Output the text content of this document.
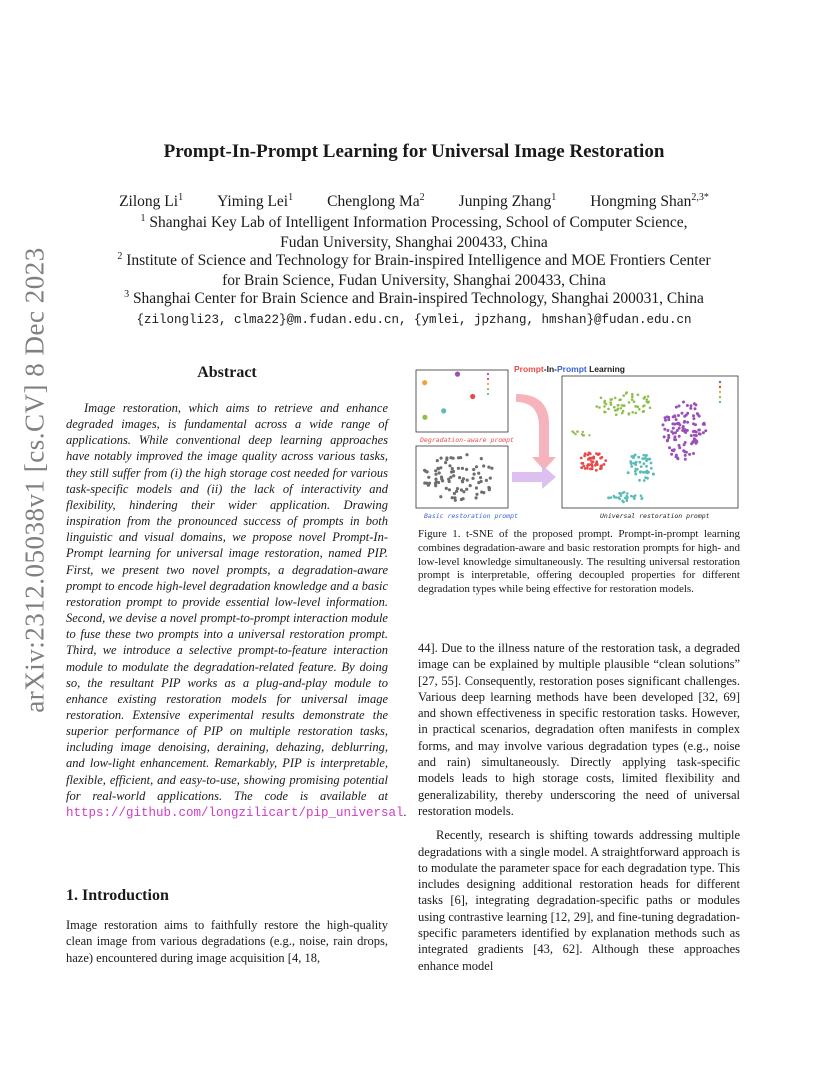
arXiv:2312.05038v1 [cs.CV] 8 Dec 2023
Prompt-In-Prompt Learning for Universal Image Restoration
Zilong Li$^1$ Yiming Lei$^1$ Chenglong Ma$^2$ Junping Zhang$^1$ Hongming Shan$^{2,3*}$
$^1$ Shanghai Key Lab of Intelligent Information Processing, School of Computer Science,
Fudan University, Shanghai 200433, China
$^2$ Institute of Science and Technology for Brain-inspired Intelligence and MOE Frontiers Center
for Brain Science, Fudan University, Shanghai 200433, China
$^3$ Shanghai Center for Brain Science and Brain-inspired Technology, Shanghai 200031, China
{zilongli23, clma22}@m.fudan.edu.cn, {ymlei, jpzhang, hmshan}@fudan.edu.cn
Abstract
Image restoration, which aims to retrieve and enhance degraded images, is fundamental across a wide range of applications. While conventional deep learning approaches have notably improved the image quality across various tasks, they still suffer from (i) the high storage cost needed for various task-specific models and (ii) the lack of interactivity and flexibility, hindering their wider application. Drawing inspiration from the pronounced success of prompts in both linguistic and visual domains, we propose novel Prompt-In-Prompt learning for universal image restoration, named PIP. First, we present two novel prompts, a degradation-aware prompt to encode high-level degradation knowledge and a basic restoration prompt to provide essential low-level information. Second, we devise a novel prompt-to-prompt interaction module to fuse these two prompts into a universal restoration prompt. Third, we introduce a selective prompt-to-feature interaction module to modulate the degradation-related feature. By doing so, the resultant PIP works as a plug-and-play module to enhance existing restoration models for universal image restoration. Extensive experimental results demonstrate the superior performance of PIP on multiple restoration tasks, including image denoising, deraining, dehazing, deblurring, and low-light enhancement. Remarkably, PIP is interpretable, flexible, efficient, and easy-to-use, showing promising potential for real-world applications. The code is available at https://github.com/longzilicart/pip_universal.
1. Introduction
Image restoration aims to faithfully restore the high-quality clean image from various degradations (e.g., noise, rain drops, haze) encountered during image acquisition [4, 18,
Prompt-In-Prompt Learning
Degradation-aware prompt
Basic restoration prompt	Universal restoration prompt
Figure 1. t-SNE of the proposed prompt. Prompt-in-prompt learning combines degradation-aware and basic restoration prompts for high- and low-level knowledge simultaneously. The resulting universal restoration prompt is interpretable, offering decoupled properties for different degradation types while being effective for restoration models.
44]. Due to the illness nature of the restoration task, a degraded image can be explained by multiple plausible “clean solutions” [27, 55]. Consequently, restoration poses significant challenges. Various deep learning methods have been developed [32, 69] and shown effectiveness in specific restoration tasks. However, in practical scenarios, degradation often manifests in complex forms, and may involve various degradation types (e.g., noise and rain) simultaneously. Directly applying task-specific models leads to high storage costs, limited flexibility and generalizability, thereby underscoring the need of universal restoration models.
Recently, research is shifting towards addressing multiple degradations with a single model. A straightforward approach is to modulate the parameter space for each degradation type. This includes designing additional restoration heads for different tasks [6], integrating degradation-specific paths or modules using contrastive learning [12, 29], and fine-tuning degradation-specific parameters identified by explanation methods such as integrated gradients [43, 62]. Although these approaches enhance model
